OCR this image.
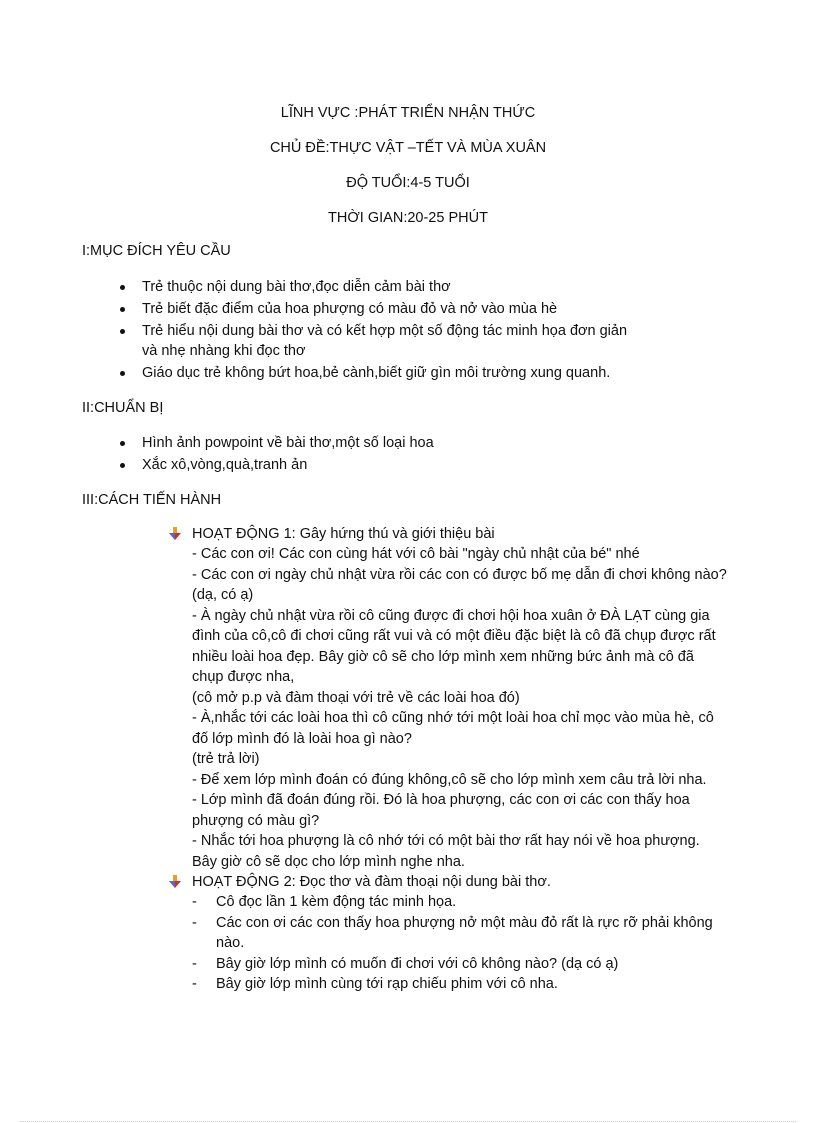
LĨNH VỰC :PHÁT TRIỂN NHẬN THỨC
CHỦ ĐỀ:THỰC VẬT –TẾT VÀ MÙA XUÂN
ĐỘ TUỔI:4-5 TUỔI
THỜI GIAN:20-25 PHÚT
I:MỤC ĐÍCH YÊU CẦU
Trẻ thuộc nội dung bài thơ,đọc diễn cảm bài thơ
Trẻ biết đặc điểm của hoa phượng có màu đỏ và nở vào mùa hè
Trẻ hiểu nội dung bài thơ và có kết hợp một số động tác minh họa đơn giản và nhẹ nhàng khi đọc thơ
Giáo dục trẻ không bứt hoa,bẻ cành,biết giữ gìn môi trường xung quanh.
II:CHUẨN BỊ
Hình ảnh powpoint về bài thơ,một số loại hoa
Xắc xô,vòng,quà,tranh ản
III:CÁCH TIẾN HÀNH
HOẠT ĐỘNG 1: Gây hứng thú và giới thiệu bài

- Các con ơi! Các con cùng hát với cô bài "ngày chủ nhật của bé" nhé

- Các con ơi ngày chủ nhật vừa rồi các con có được bố mẹ dẫn đi chơi không nào?

(dạ, có ạ)

- À ngày chủ nhật vừa rồi cô cũng được đi chơi hội hoa xuân ở ĐÀ LẠT cùng gia đình của cô,cô đi chơi cũng rất vui và có một điều đặc biệt là cô đã chụp được rất nhiều loài hoa đẹp. Bây giờ cô sẽ cho lớp mình xem những bức ảnh mà cô đã chụp được nha,

(cô mở p.p và đàm thoại với trẻ về các loài hoa đó)

- À,nhắc tới các loài hoa thì cô cũng nhớ tới một loài hoa chỉ mọc vào mùa hè, cô đố lớp mình đó là loài hoa gì nào?

(trẻ trả lời)

- Để xem lớp mình đoán có đúng không,cô sẽ cho lớp mình xem câu trả lời nha.

- Lớp mình đã đoán đúng rồi. Đó là hoa phượng, các con ơi các con thấy hoa phượng có màu gì?

- Nhắc tới hoa phượng là cô nhớ tới có một bài thơ rất hay nói về hoa phượng. Bây giờ cô sẽ dọc cho lớp mình nghe nha.

HOẠT ĐỘNG 2: Đọc thơ và đàm thoại nội dung bài thơ.
- Cô đọc lần 1 kèm động tác minh họa.
- Các con ơi các con thấy hoa phượng nở một màu đỏ rất là rực rỡ phải không nào.
- Bây giờ lớp mình có muốn đi chơi với cô không nào? (dạ có ạ)
- Bây giờ lớp mình cùng tới rạp chiếu phim với cô nha.
